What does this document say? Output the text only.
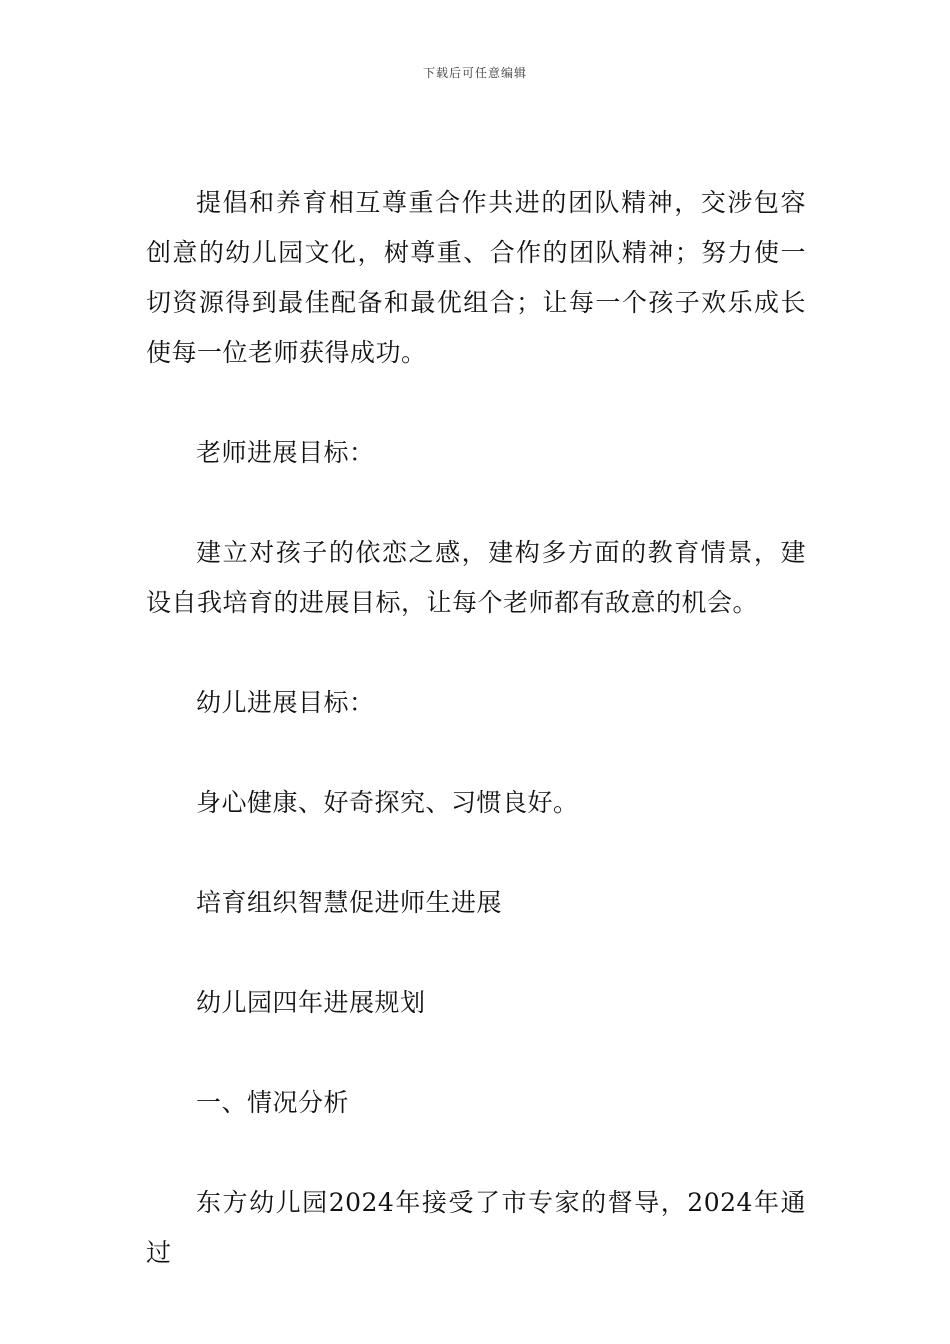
下载后可任意编辑

提倡和养育相互尊重合作共进的团队精神，交涉包容创意的幼儿园文化，树尊重、合作的团队精神；努力使一切资源得到最佳配备和最优组合；让每一个孩子欢乐成长使每一位老师获得成功。

老师进展目标：

建立对孩子的依恋之感，建构多方面的教育情景，建设自我培育的进展目标，让每个老师都有敌意的机会。

幼儿进展目标：

身心健康、好奇探究、习惯良好。

培育组织智慧促进师生进展

幼儿园四年进展规划

一、情况分析

东方幼儿园2024年接受了市专家的督导，2024年通过
